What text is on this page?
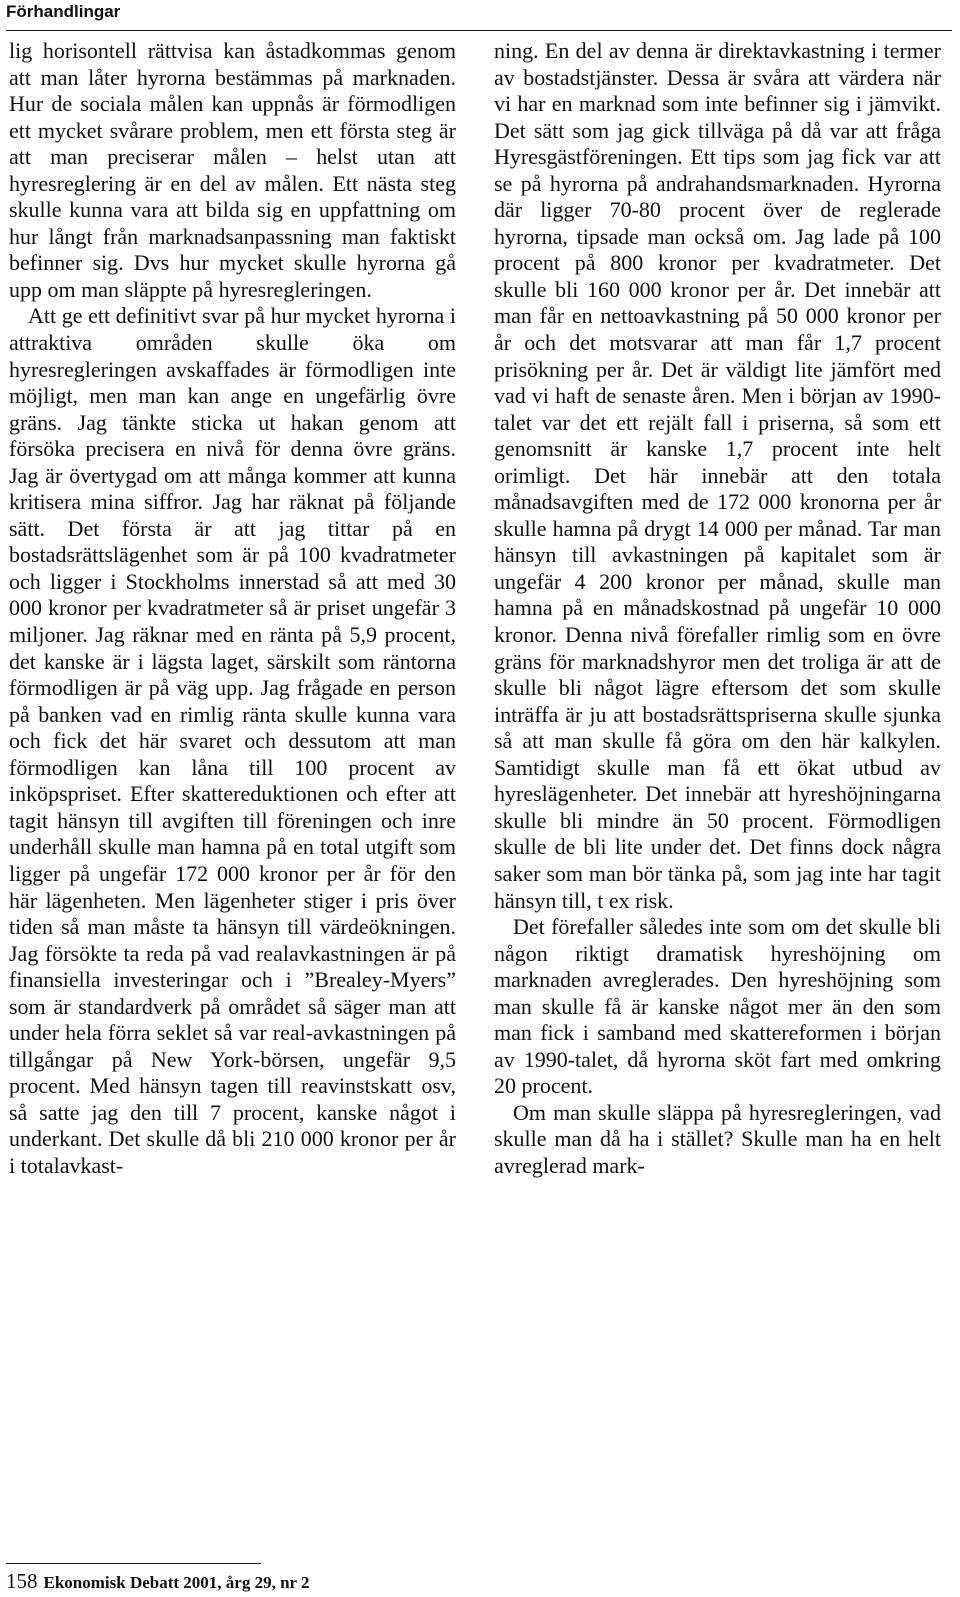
Förhandlingar

lig horisontell rättvisa kan åstadkommas genom att man låter hyrorna bestämmas på marknaden. Hur de sociala målen kan uppnås är förmodligen ett mycket svårare problem, men ett första steg är att man preciserar målen – helst utan att hyresreglering är en del av målen. Ett nästa steg skulle kunna vara att bilda sig en uppfattning om hur långt från marknadsanpassning man faktiskt befinner sig. Dvs hur mycket skulle hyrorna gå upp om man släppte på hyresregleringen.

Att ge ett definitivt svar på hur mycket hyrorna i attraktiva områden skulle öka om hyresregleringen avskaffades är förmodligen inte möjligt, men man kan ange en ungefärlig övre gräns. Jag tänkte sticka ut hakan genom att försöka precisera en nivå för denna övre gräns. Jag är övertygad om att många kommer att kunna kritisera mina siffror. Jag har räknat på följande sätt. Det första är att jag tittar på en bostadsrättslägenhet som är på 100 kvadratmeter och ligger i Stockholms innerstad så att med 30 000 kronor per kvadratmeter så är priset ungefär 3 miljoner. Jag räknar med en ränta på 5,9 procent, det kanske är i lägsta laget, särskilt som räntorna förmodligen är på väg upp. Jag frågade en person på banken vad en rimlig ränta skulle kunna vara och fick det här svaret och dessutom att man förmodligen kan låna till 100 procent av inköpspriset. Efter skattereduktionen och efter att tagit hänsyn till avgiften till föreningen och inre underhåll skulle man hamna på en total utgift som ligger på ungefär 172 000 kronor per år för den här lägenheten. Men lägenheter stiger i pris över tiden så man måste ta hänsyn till värdeökningen. Jag försökte ta reda på vad realavkastningen är på finansiella investeringar och i ”Brealey-Myers” som är standardverk på området så säger man att under hela förra seklet så var real-avkastningen på tillgångar på New York-börsen, ungefär 9,5 procent. Med hänsyn tagen till reavinstskatt osv, så satte jag den till 7 procent, kanske något i underkant. Det skulle då bli 210 000 kronor per år i totalavkast-

ning. En del av denna är direktavkastning i termer av bostadstjänster. Dessa är svåra att värdera när vi har en marknad som inte befinner sig i jämvikt. Det sätt som jag gick tillväga på då var att fråga Hyresgästföreningen. Ett tips som jag fick var att se på hyrorna på andrahandsmarknaden. Hyrorna där ligger 70-80 procent över de reglerade hyrorna, tipsade man också om. Jag lade på 100 procent på 800 kronor per kvadratmeter. Det skulle bli 160 000 kronor per år. Det innebär att man får en nettoavkastning på 50 000 kronor per år och det motsvarar att man får 1,7 procent prisökning per år. Det är väldigt lite jämfört med vad vi haft de senaste åren. Men i början av 1990-talet var det ett rejält fall i priserna, så som ett genomsnitt är kanske 1,7 procent inte helt orimligt. Det här innebär att den totala månadsavgiften med de 172 000 kronorna per år skulle hamna på drygt 14 000 per månad. Tar man hänsyn till avkastningen på kapitalet som är ungefär 4 200 kronor per månad, skulle man hamna på en månadskostnad på ungefär 10 000 kronor. Denna nivå förefaller rimlig som en övre gräns för marknadshyror men det troliga är att de skulle bli något lägre eftersom det som skulle inträffa är ju att bostadsrättspriserna skulle sjunka så att man skulle få göra om den här kalkylen. Samtidigt skulle man få ett ökat utbud av hyreslägenheter. Det innebär att hyreshöjningarna skulle bli mindre än 50 procent. Förmodligen skulle de bli lite under det. Det finns dock några saker som man bör tänka på, som jag inte har tagit hänsyn till, t ex risk.

Det förefaller således inte som om det skulle bli någon riktigt dramatisk hyreshöjning om marknaden avreglerades. Den hyreshöjning som man skulle få är kanske något mer än den som man fick i samband med skattereformen i början av 1990-talet, då hyrorna sköt fart med omkring 20 procent.

Om man skulle släppa på hyresregleringen, vad skulle man då ha i stället? Skulle man ha en helt avreglerad mark-

158 Ekonomisk Debatt 2001, årg 29, nr 2
